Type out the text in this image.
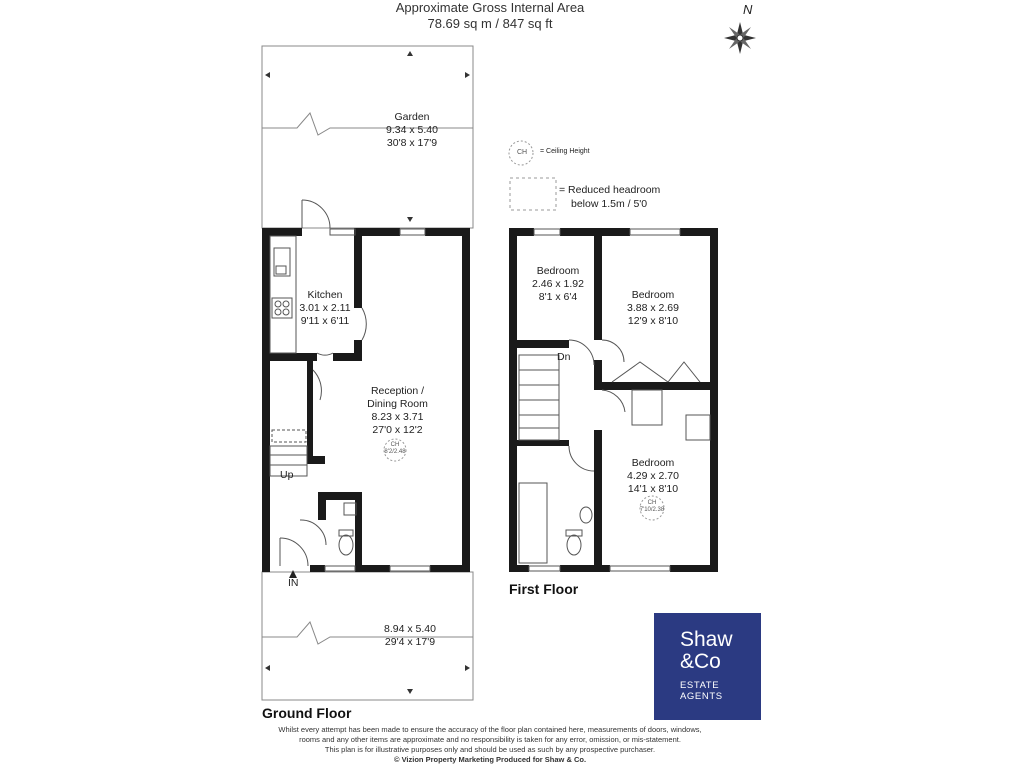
Approximate Gross Internal Area
78.69 sq m / 847 sq ft
N
CH	= Ceiling Height
= Reduced headroom
below 1.5m / 5'0
Garden
9.34 x 5.40
30'8 x 17'9
Kitchen
3.01 x 2.11
9'11 x 6'11
Reception /
Dining Room
8.23 x 3.71
27'0 x 12'2
CH
8'2/2.48
Up
IN
8.94 x 5.40
29'4 x 17'9
Ground Floor
Bedroom
2.46 x 1.92
8'1 x 6'4	Bedroom
3.88 x 2.69
12'9 x 8'10
Dn
Bedroom
4.29 x 2.70
14'1 x 8'10
CH
7'10/2.38
First Floor
Shaw
&Co
ESTATE
AGENTS
Whilst every attempt has been made to ensure the accuracy of the floor plan contained here, measurements of doors, windows,
rooms and any other items are approximate and no responsibility is taken for any error, omission, or mis-statement.
This plan is for illustrative purposes only and should be used as such by any prospective purchaser.
© Vizion Property Marketing Produced for Shaw & Co.
